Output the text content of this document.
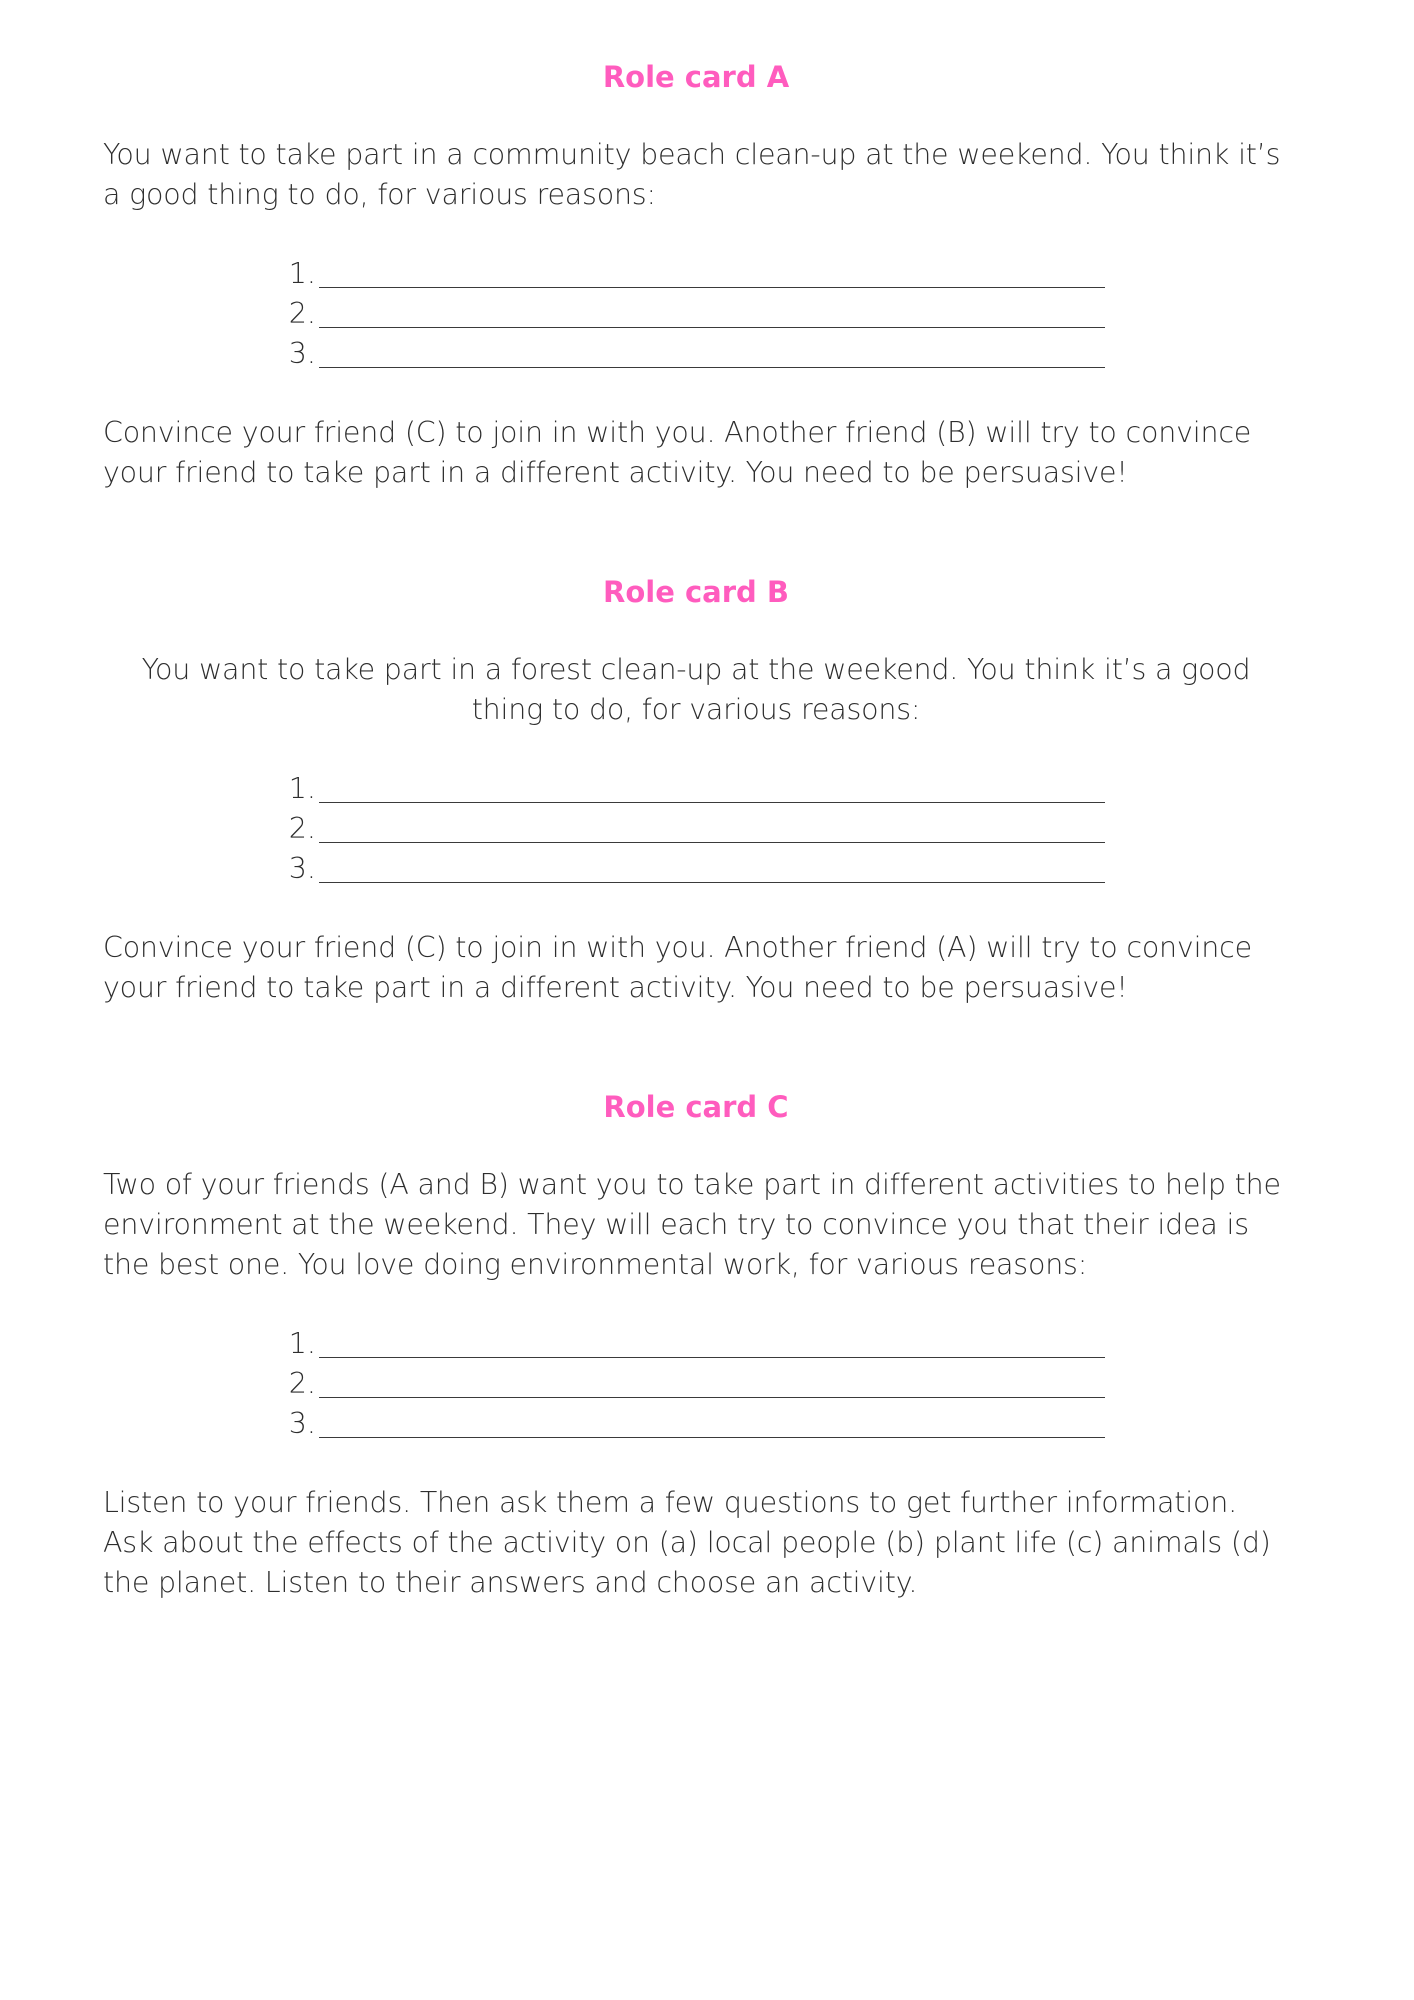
Role card A

You want to take part in a community beach clean-up at the weekend. You think it’s a good thing to do, for various reasons:

1.
2.
3.

Convince your friend (C) to join in with you. Another friend (B) will try to convince your friend to take part in a different activity. You need to be persuasive!

Role card B

You want to take part in a forest clean-up at the weekend. You think it’s a good thing to do, for various reasons:

1.
2.
3.

Convince your friend (C) to join in with you. Another friend (A) will try to convince your friend to take part in a different activity. You need to be persuasive!

Role card C

Two of your friends (A and B) want you to take part in different activities to help the environment at the weekend. They will each try to convince you that their idea is the best one. You love doing environmental work, for various reasons:

1.
2.
3.

Listen to your friends. Then ask them a few questions to get further information. Ask about the effects of the activity on (a) local people (b) plant life (c) animals (d) the planet. Listen to their answers and choose an activity.
